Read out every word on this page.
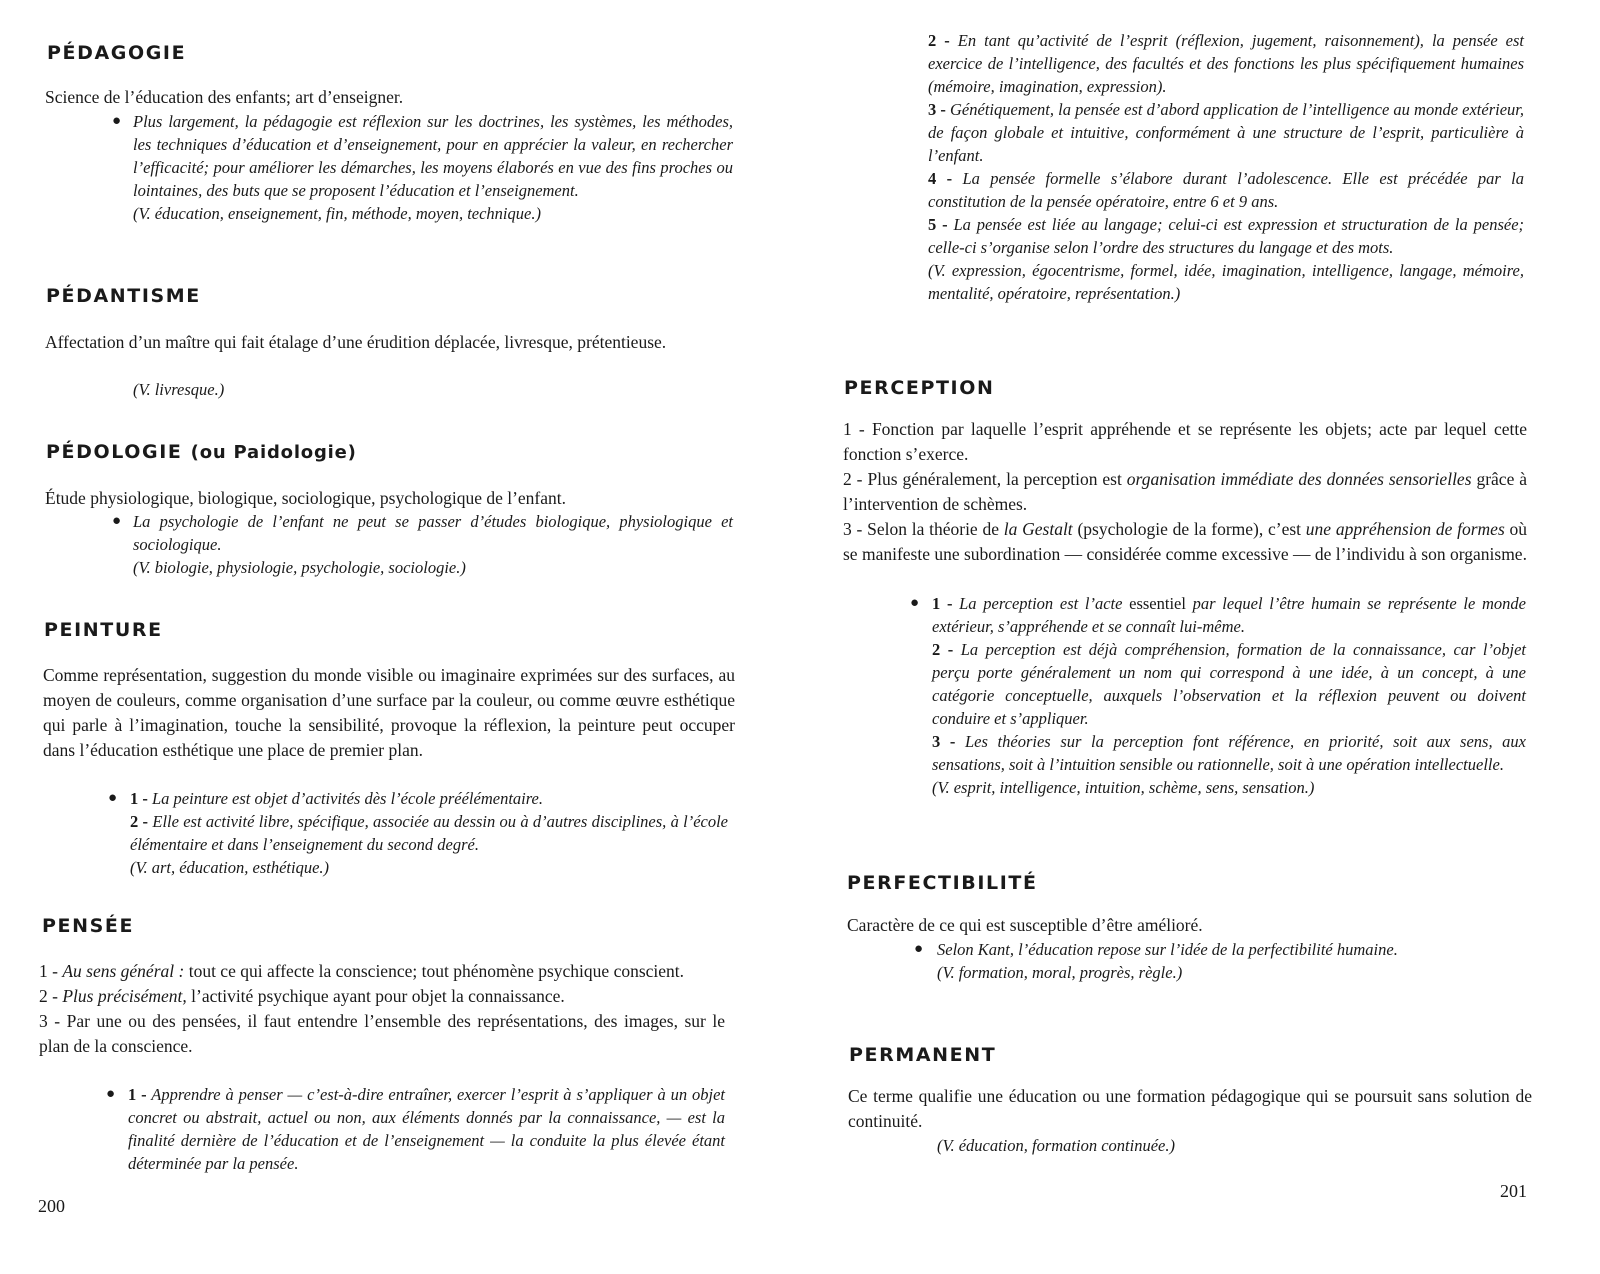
PÉDAGOGIE

Science de l’éducation des enfants; art d’enseigner.

● Plus largement, la pédagogie est réflexion sur les doctrines, les systèmes, les méthodes, les techniques d’éducation et d’enseignement, pour en apprécier la valeur, en rechercher l’efficacité; pour améliorer les démarches, les moyens élaborés en vue des fins proches ou lointaines, des buts que se proposent l’éducation et l’enseignement.

(V. éducation, enseignement, fin, méthode, moyen, technique.)

PÉDANTISME

Affectation d’un maître qui fait étalage d’une érudition déplacée, livresque, prétentieuse.

(V. livresque.)

PÉDOLOGIE (ou Paidologie)

Étude physiologique, biologique, sociologique, psychologique de l’enfant.

● La psychologie de l’enfant ne peut se passer d’études biologique, physiologique et sociologique.

(V. biologie, physiologie, psychologie, sociologie.)

PEINTURE

Comme représentation, suggestion du monde visible ou imaginaire exprimées sur des surfaces, au moyen de couleurs, comme organisation d’une surface par la couleur, ou comme œuvre esthétique qui parle à l’imagination, touche la sensibilité, provoque la réflexion, la peinture peut occuper dans l’éducation esthétique une place de premier plan.

● 1 - La peinture est objet d’activités dès l’école préélémentaire.

2 - Elle est activité libre, spécifique, associée au dessin ou à d’autres disciplines, à l’école élémentaire et dans l’enseignement du second degré.

(V. art, éducation, esthétique.)

PENSÉE

1 - Au sens général : tout ce qui affecte la conscience; tout phénomène psychique conscient.

2 - Plus précisément, l’activité psychique ayant pour objet la connaissance.

3 - Par une ou des pensées, il faut entendre l’ensemble des représentations, des images, sur le plan de la conscience.

● 1 - Apprendre à penser — c’est-à-dire entraîner, exercer l’esprit à s’appliquer à un objet concret ou abstrait, actuel ou non, aux éléments donnés par la connaissance, — est la finalité dernière de l’éducation et de l’enseignement — la conduite la plus élevée étant déterminée par la pensée.

200

2 - En tant qu’activité de l’esprit (réflexion, jugement, raisonnement), la pensée est exercice de l’intelligence, des facultés et des fonctions les plus spécifiquement humaines (mémoire, imagination, expression).

3 - Génétiquement, la pensée est d’abord application de l’intelligence au monde extérieur, de façon globale et intuitive, conformément à une structure de l’esprit, particulière à l’enfant.

4 - La pensée formelle s’élabore durant l’adolescence. Elle est précédée par la constitution de la pensée opératoire, entre 6 et 9 ans.

5 - La pensée est liée au langage; celui-ci est expression et structuration de la pensée; celle-ci s’organise selon l’ordre des structures du langage et des mots.

(V. expression, égocentrisme, formel, idée, imagination, intelligence, langage, mémoire, mentalité, opératoire, représentation.)

PERCEPTION

1 - Fonction par laquelle l’esprit appréhende et se représente les objets; acte par lequel cette fonction s’exerce.

2 - Plus généralement, la perception est organisation immédiate des données sensorielles grâce à l’intervention de schèmes.

3 - Selon la théorie de la Gestalt (psychologie de la forme), c’est une appréhension de formes où se manifeste une subordination — considérée comme excessive — de l’individu à son organisme.

● 1 - La perception est l’acte essentiel par lequel l’être humain se représente le monde extérieur, s’appréhende et se connaît lui-même.

2 - La perception est déjà compréhension, formation de la connaissance, car l’objet perçu porte généralement un nom qui correspond à une idée, à un concept, à une catégorie conceptuelle, auxquels l’observation et la réflexion peuvent ou doivent conduire et s’appliquer.

3 - Les théories sur la perception font référence, en priorité, soit aux sens, aux sensations, soit à l’intuition sensible ou rationnelle, soit à une opération intellectuelle.

(V. esprit, intelligence, intuition, schème, sens, sensation.)

PERFECTIBILITÉ

Caractère de ce qui est susceptible d’être amélioré.

● Selon Kant, l’éducation repose sur l’idée de la perfectibilité humaine.

(V. formation, moral, progrès, règle.)

PERMANENT

Ce terme qualifie une éducation ou une formation pédagogique qui se poursuit sans solution de continuité.

(V. éducation, formation continuée.)

201
